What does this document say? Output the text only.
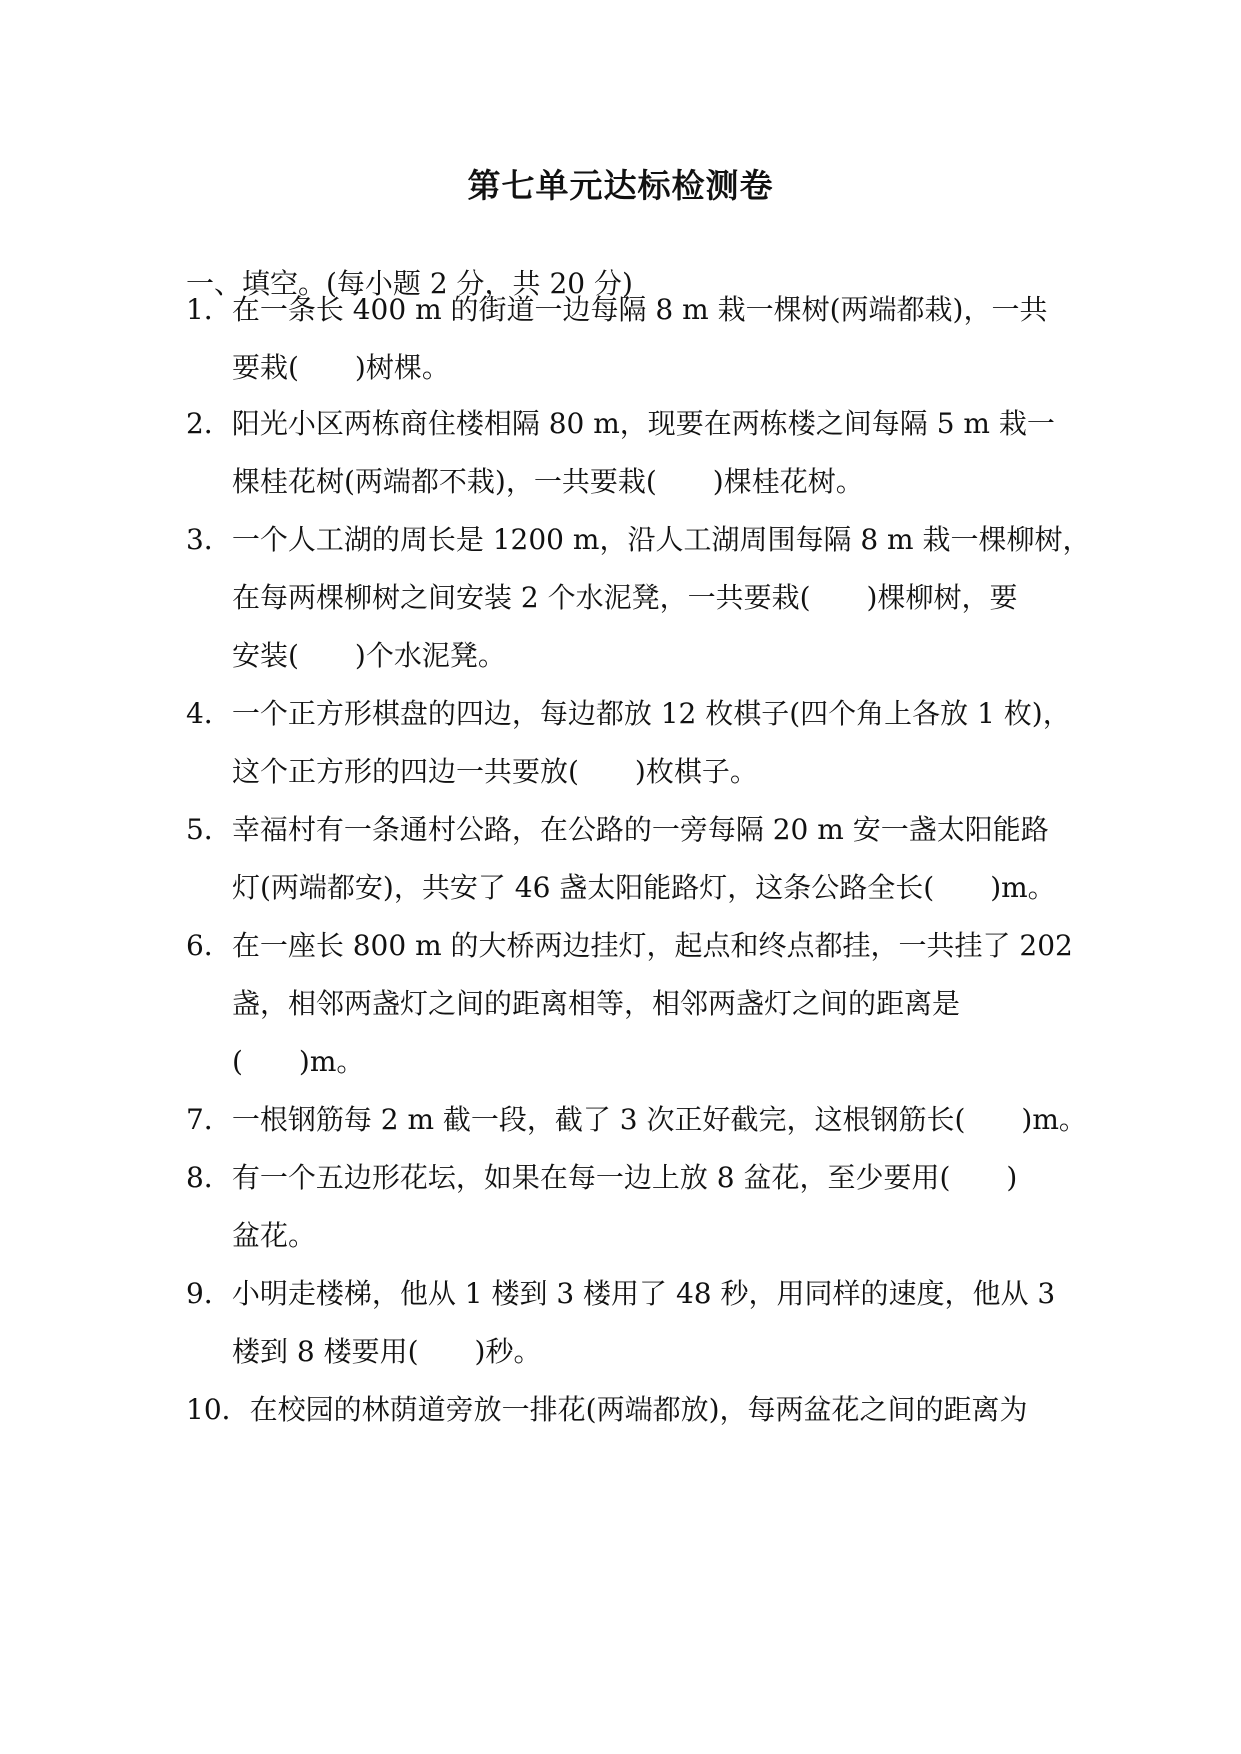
第七单元达标检测卷
一、填空。(每小题 2 分，共 20 分)
1．在一条长 400 m 的街道一边每隔 8 m 栽一棵树(两端都栽)，一共
要栽(　　)树棵。
2．阳光小区两栋商住楼相隔 80 m，现要在两栋楼之间每隔 5 m 栽一
棵桂花树(两端都不栽)，一共要栽(　　)棵桂花树。
3．一个人工湖的周长是 1200 m，沿人工湖周围每隔 8 m 栽一棵柳树，
在每两棵柳树之间安装 2 个水泥凳，一共要栽(　　)棵柳树，要
安装(　　)个水泥凳。
4．一个正方形棋盘的四边，每边都放 12 枚棋子(四个角上各放 1 枚)，
这个正方形的四边一共要放(　　)枚棋子。
5．幸福村有一条通村公路，在公路的一旁每隔 20 m 安一盏太阳能路
灯(两端都安)，共安了 46 盏太阳能路灯，这条公路全长(　　)m。
6．在一座长 800 m 的大桥两边挂灯，起点和终点都挂，一共挂了 202
盏，相邻两盏灯之间的距离相等，相邻两盏灯之间的距离是
(　　)m。
7．一根钢筋每 2 m 截一段，截了 3 次正好截完，这根钢筋长(　　)m。
8．有一个五边形花坛，如果在每一边上放 8 盆花，至少要用(　　)
盆花。
9．小明走楼梯，他从 1 楼到 3 楼用了 48 秒，用同样的速度，他从 3
楼到 8 楼要用(　　)秒。
10．在校园的林荫道旁放一排花(两端都放)，每两盆花之间的距离为
